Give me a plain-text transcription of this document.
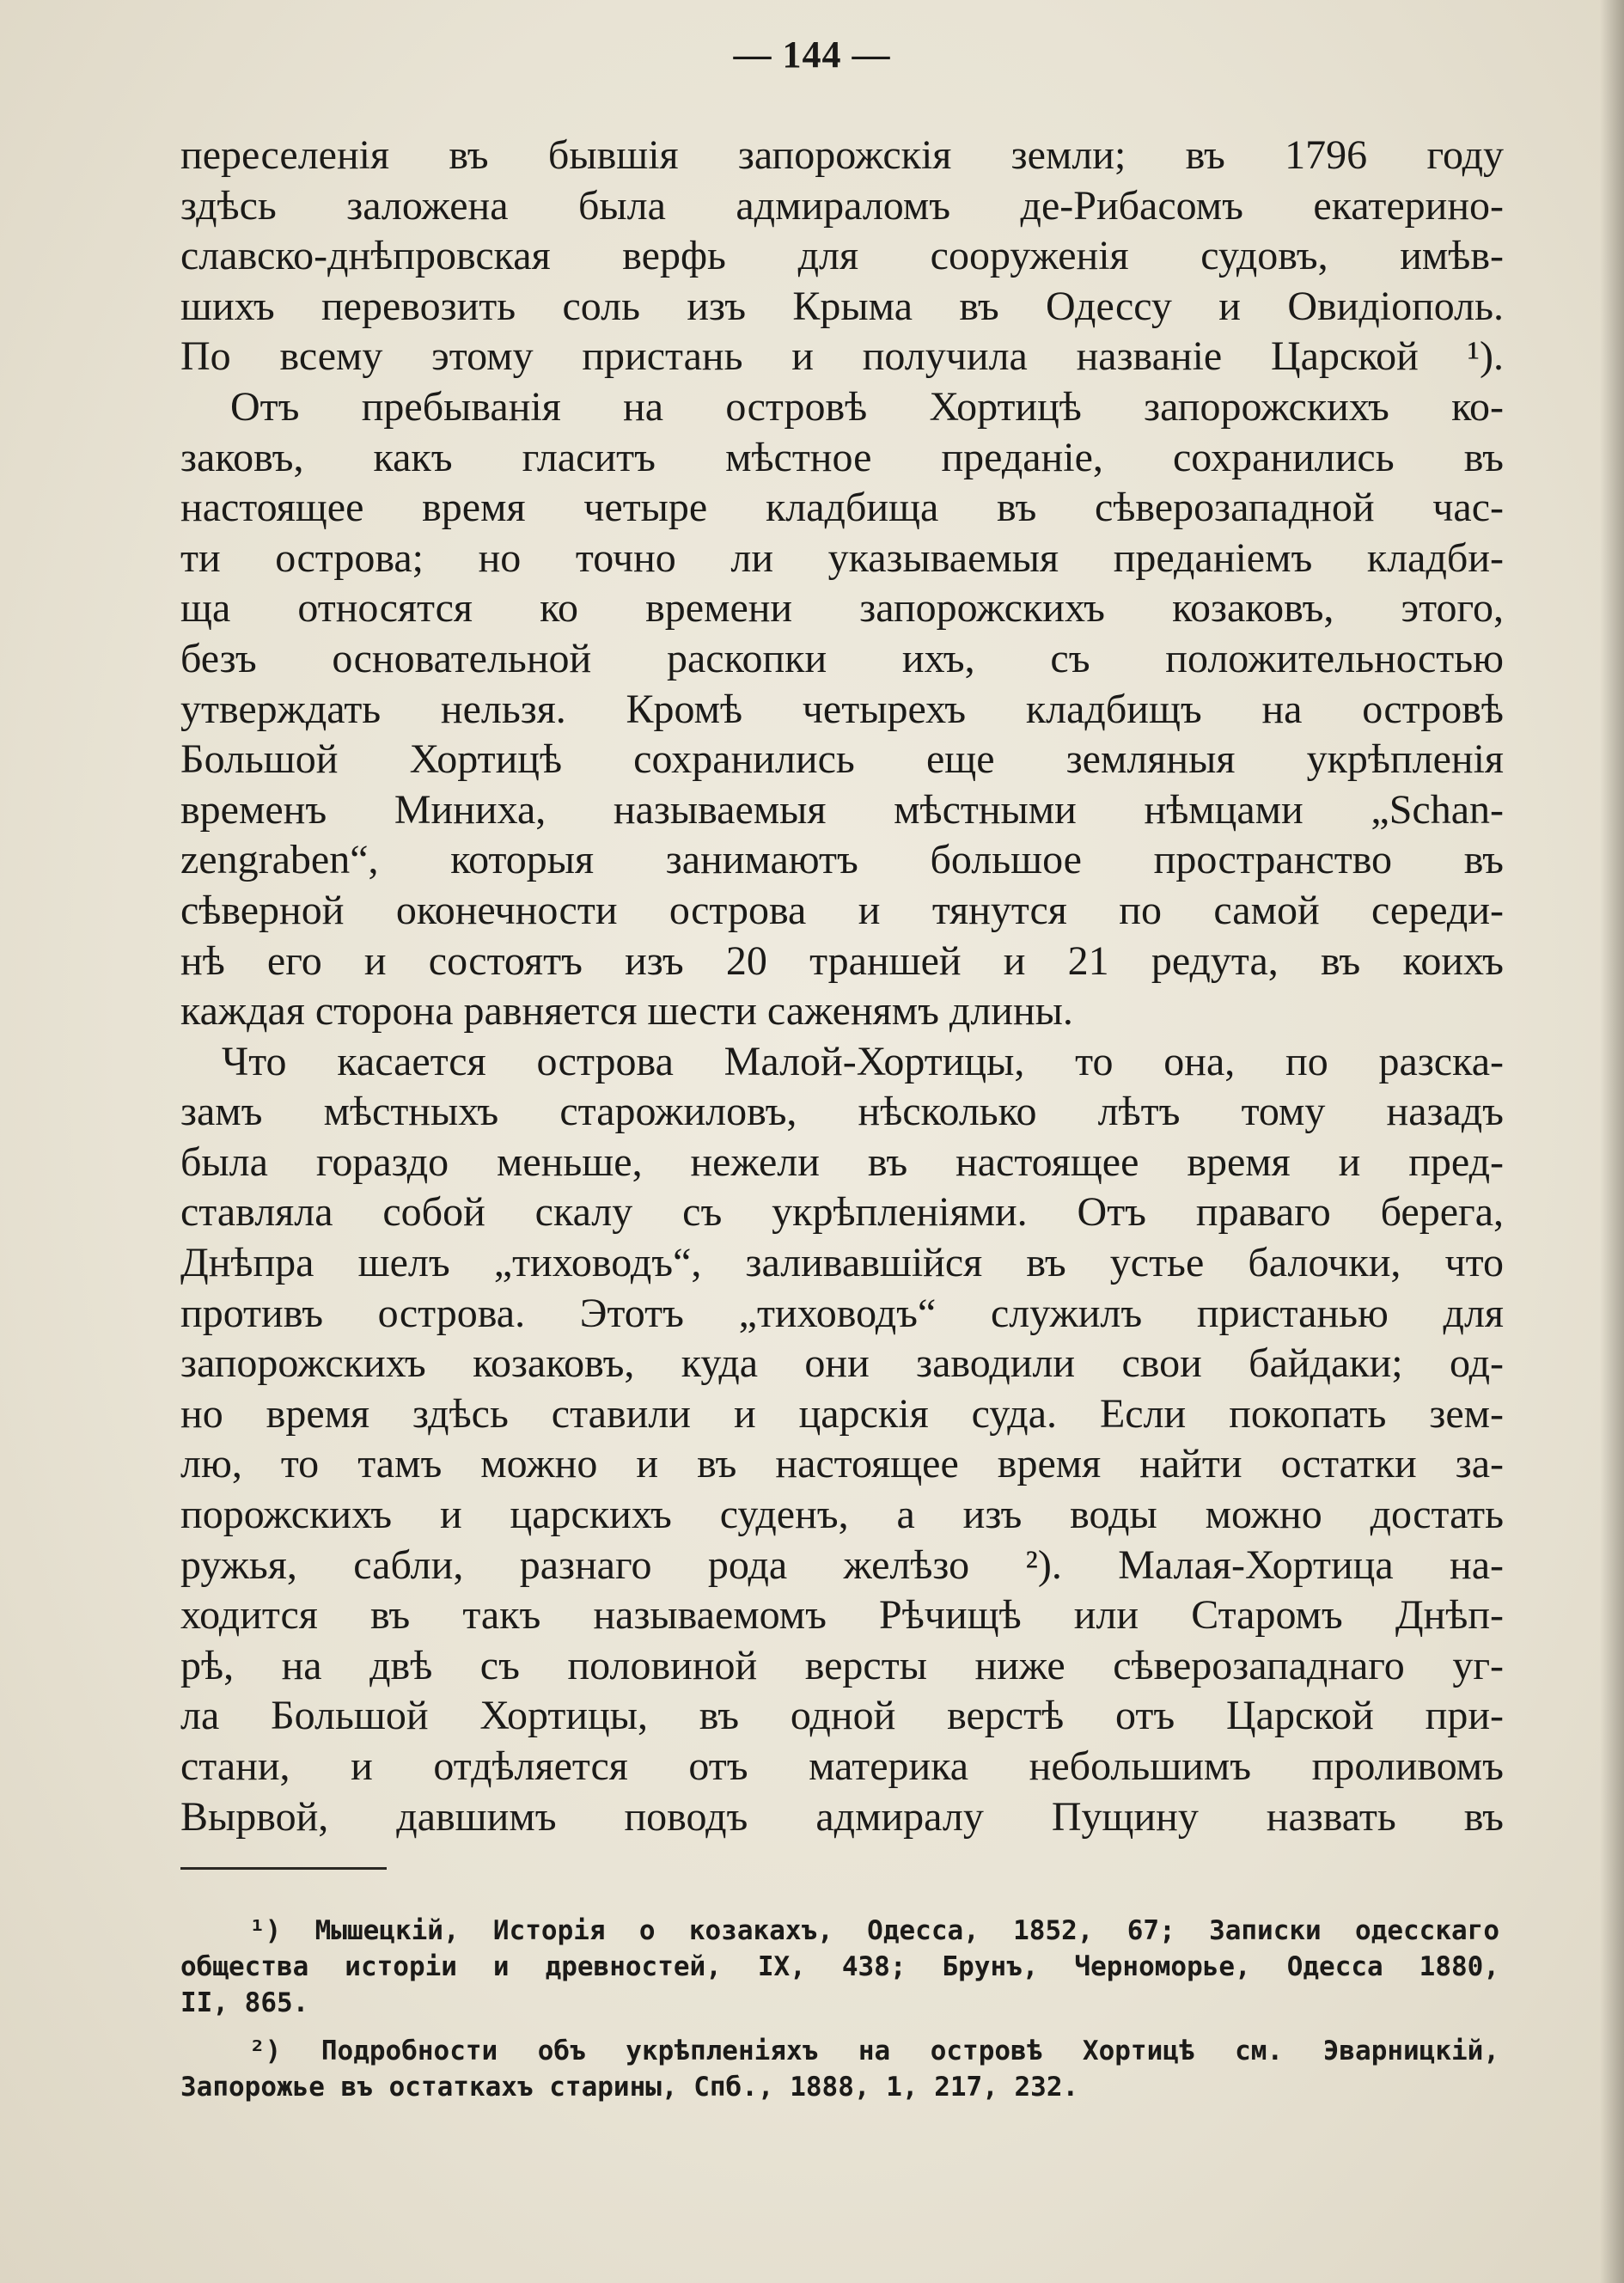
— 144 —
переселенія въ бывшія запорожскія земли; въ 1796 году
здѣсь заложена была адмираломъ де-Рибасомъ екатерино-
славско-днѣпровская верфь для сооруженія судовъ, имѣв-
шихъ перевозить соль изъ Крыма въ Одессу и Овидіополь.
По всему этому пристань и получила названіе Царской ¹).
Отъ пребыванія на островѣ Хортицѣ запорожскихъ ко-
заковъ, какъ гласитъ мѣстное преданіе, сохранились въ
настоящее время четыре кладбища въ сѣверозападной час-
ти острова; но точно ли указываемыя преданіемъ кладби-
ща относятся ко времени запорожскихъ козаковъ, этого,
безъ основательной раскопки ихъ, съ положительностью
утверждать нельзя. Кромѣ четырехъ кладбищъ на островѣ
Большой Хортицѣ сохранились еще земляныя укрѣпленія
временъ Миниха, называемыя мѣстными нѣмцами „Schan-
zengraben“, которыя занимаютъ большое пространство въ
сѣверной оконечности острова и тянутся по самой середи-
нѣ его и состоятъ изъ 20 траншей и 21 редута, въ коихъ
каждая сторона равняется шести саженямъ длины.
Что касается острова Малой-Хортицы, то она, по разска-
замъ мѣстныхъ старожиловъ, нѣсколько лѣтъ тому назадъ
была гораздо меньше, нежели въ настоящее время и пред-
ставляла собой скалу съ укрѣпленіями. Отъ праваго берега,
Днѣпра шелъ „тиховодъ“, заливавшійся въ устье балочки, что
противъ острова. Этотъ „тиховодъ“ служилъ пристанью для
запорожскихъ козаковъ, куда они заводили свои байдаки; од-
но время здѣсь ставили и царскія суда. Если покопать зем-
лю, то тамъ можно и въ настоящее время найти остатки за-
порожскихъ и царскихъ суденъ, а изъ воды можно достать
ружья, сабли, разнаго рода желѣзо ²). Малая-Хортица на-
ходится въ такъ называемомъ Рѣчищѣ или Старомъ Днѣп-
рѣ, на двѣ съ половиной версты ниже сѣверозападнаго уг-
ла Большой Хортицы, въ одной верстѣ отъ Царской при-
стани, и отдѣляется отъ материка небольшимъ проливомъ
Вырвой, давшимъ поводъ адмиралу Пущину назвать въ
¹) Мышецкій, Исторія о козакахъ, Одесса, 1852, 67; Записки одесскаго
общества исторіи и древностей, IX, 438; Брунъ, Черноморье, Одесса 1880,
II, 865.
²) Подробности объ укрѣпленіяхъ на островѣ Хортицѣ см. Эварницкій,
Запорожье въ остаткахъ старины, Спб., 1888, 1, 217, 232.
